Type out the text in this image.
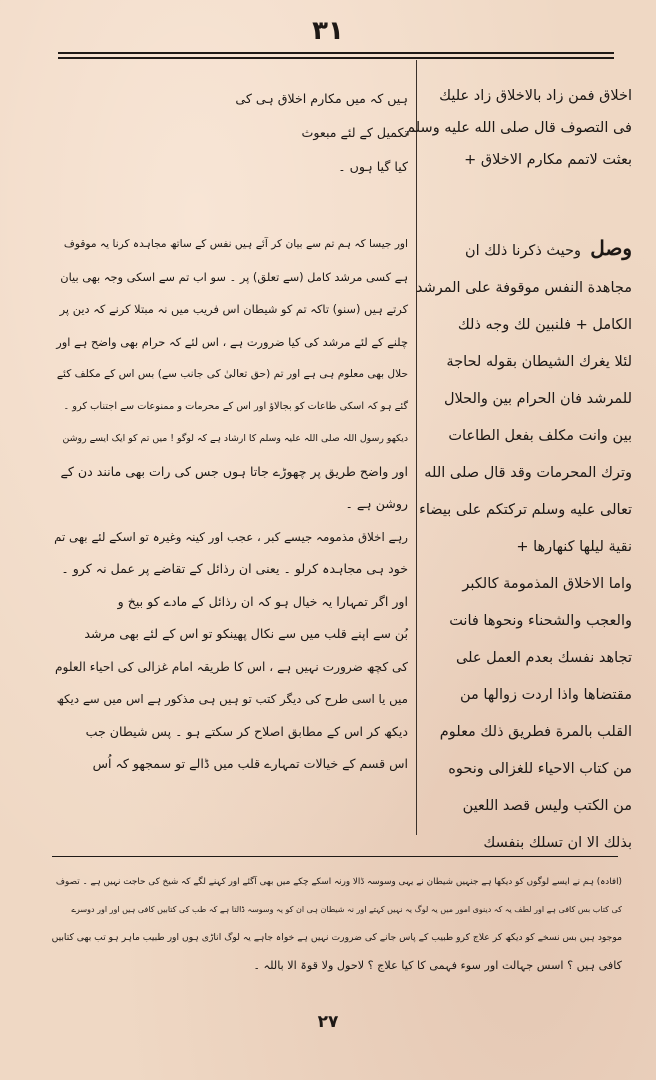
٣١
اخلاق فمن زاد بالاخلاق زاد عليك
فى التصوف قال صلى الله عليه وسلم
بعثت لاتمم مكارم الاخلاق +
وصل  وحيث ذكرنا ذلك ان
مجاهدة النفس موقوفة على المرشد
الكامل + فلنبين لك وجه ذلك
لئلا يغرك الشيطان بقوله لحاجة
للمرشد فان الحرام بين والحلال
بين وانت مكلف بفعل الطاعات
وترك المحرمات وقد قال صلى الله
تعالى عليه وسلم تركتكم على بيضاء
نقية ليلها كنهارها +
واما الاخلاق المذمومة كالكبر
والعجب والشحناء ونحوها فانت
تجاهد نفسك بعدم العمل على
مقتضاها واذا اردت زوالها من
القلب بالمرة فطريق ذلك معلوم
من كتاب الاحياء للغزالى ونحوه
من الكتب وليس قصد اللعين
بذلك الا ان تسلك بنفسك
ہیں کہ میں مکارم اخلاق ہی کی
تکمیل کے لئے مبعوث
کیا گیا ہوں ۔
اور جیسا کہ ہم تم سے بیان کر آئے ہیں نفس کے ساتھ مجاہدہ کرنا یہ موقوف
ہے کسی مرشد کامل (سے تعلق) پر ۔ سو اب تم سے اسکی وجہ بھی بیان
کرتے ہیں (سنو) تاکہ تم کو شیطان اس فریب میں نہ مبتلا کرنے کہ دین پر
چلنے کے لئے مرشد کی کیا ضرورت ہے ، اس لئے کہ حرام بھی واضح ہے اور
حلال بھی معلوم ہی ہے اور تم (حق تعالیٰ کی جانب سے) بس اس کے مکلف کئے
گئے ہو کہ اسکی طاعات کو بجالاؤ اور اس کے محرمات و ممنوعات سے اجتناب کرو ۔
دیکھو رسول اللہ صلی اللہ علیہ وسلم کا ارشاد ہے کہ لوگو ! میں تم کو ایک ایسے روشن
اور واضح طریق پر چھوڑے جاتا ہوں جس کی رات بھی مانند دن کے
روشن ہے ۔
رہے اخلاق مذمومہ جیسے کبر ، عجب اور کینہ وغیرہ تو اسکے لئے بھی تم
خود ہی مجاہدہ کرلو ۔ یعنی ان رذائل کے تقاضے پر عمل نہ کرو ۔
اور اگر تمہارا یہ خیال ہو کہ ان رذائل کے مادے کو بیخ و
بُن سے اپنے قلب میں سے نکال پھینکو تو اس کے لئے بھی مرشد
کی کچھ ضرورت نہیں ہے ، اس کا طریقہ امام غزالی کی احیاء العلوم
میں یا اسی طرح کی دیگر کتب تو ہیں ہی مذکور ہے اس میں سے دیکھ
دیکھ کر اس کے مطابق اصلاح کر سکتے ہو ۔ پس شیطان جب
اس قسم کے خیالات تمہارے قلب میں ڈالے تو سمجھو کہ اُس
(افادہ) ہم نے ایسے لوگوں کو دیکھا ہے جنہیں شیطان نے یہی وسوسہ ڈالا ورنہ اسکے چکے میں بھی آگئے اور کہنے لگے کہ شیخ کی حاجت نہیں ہے ۔ تصوف
کی کتاب بس کافی ہے اور لطف یہ کہ دینوی امور میں یہ لوگ یہ نہیں کہتے اور نہ شیطان ہی ان کو یہ وسوسہ ڈالتا ہے کہ طب کی کتابیں کافی ہیں اور اور دوسرے
موجود ہیں بس نسخے کو دیکھ کر علاج کرو طبیب کے پاس جانے کی ضرورت نہیں ہے خواہ جاہے یہ لوگ اناڑی ہوں اور طبیب ماہر ہو تب بھی کتابیں
کافی ہیں ؟ اسس جہالت اور سوء فہمی کا کیا علاج ؟ لاحول ولا قوۃ الا باللہ ۔
٢٧
